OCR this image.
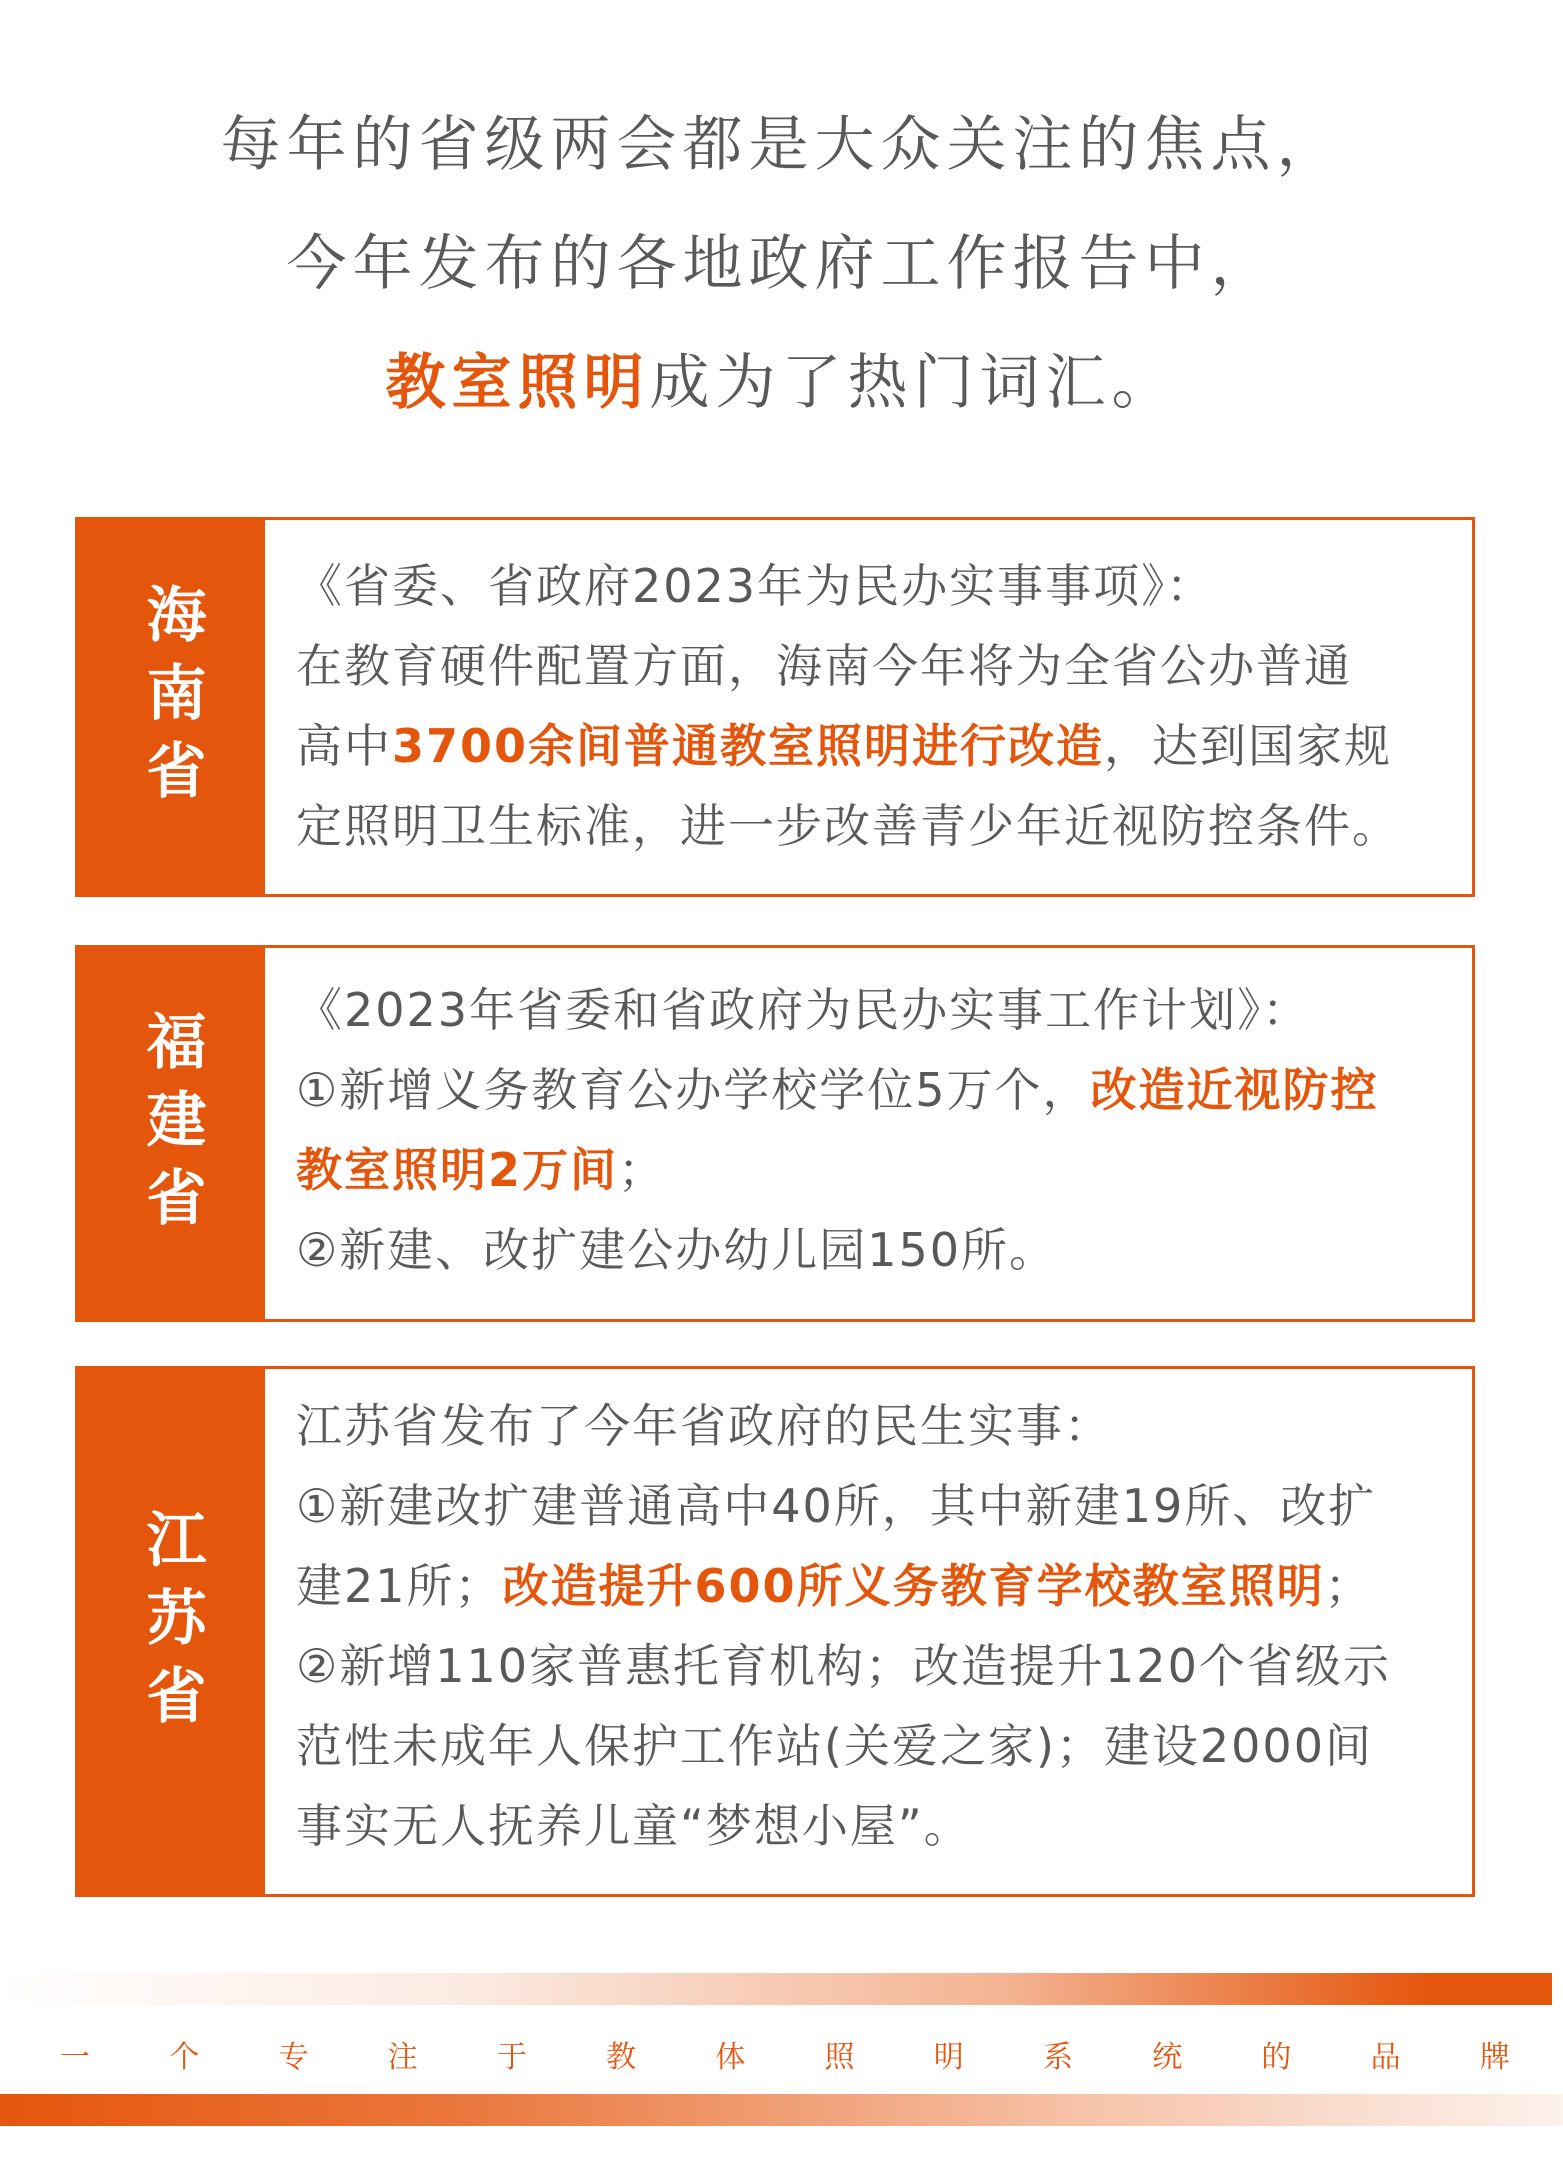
每年的省级两会都是大众关注的焦点，
今年发布的各地政府工作报告中，
教室照明成为了热门词汇。
海南省 《省委、省政府2023年为民办实事事项》：
在教育硬件配置方面，海南今年将为全省公办普通
高中3700余间普通教室照明进行改造，达到国家规
定照明卫生标准，进一步改善青少年近视防控条件。
福建省 《2023年省委和省政府为民办实事工作计划》：
①新增义务教育公办学校学位5万个，改造近视防控
教室照明2万间；
②新建、改扩建公办幼儿园150所。
江苏省
江苏省发布了今年省政府的民生实事：
①新建改扩建普通高中40所，其中新建19所、改扩
建21所；改造提升600所义务教育学校教室照明；
②新增110家普惠托育机构；改造提升120个省级示
范性未成年人保护工作站(关爱之家)；建设2000间
事实无人抚养儿童“梦想小屋”。
一	个	专	注	于	教	体	照	明	系	统	的	品	牌
